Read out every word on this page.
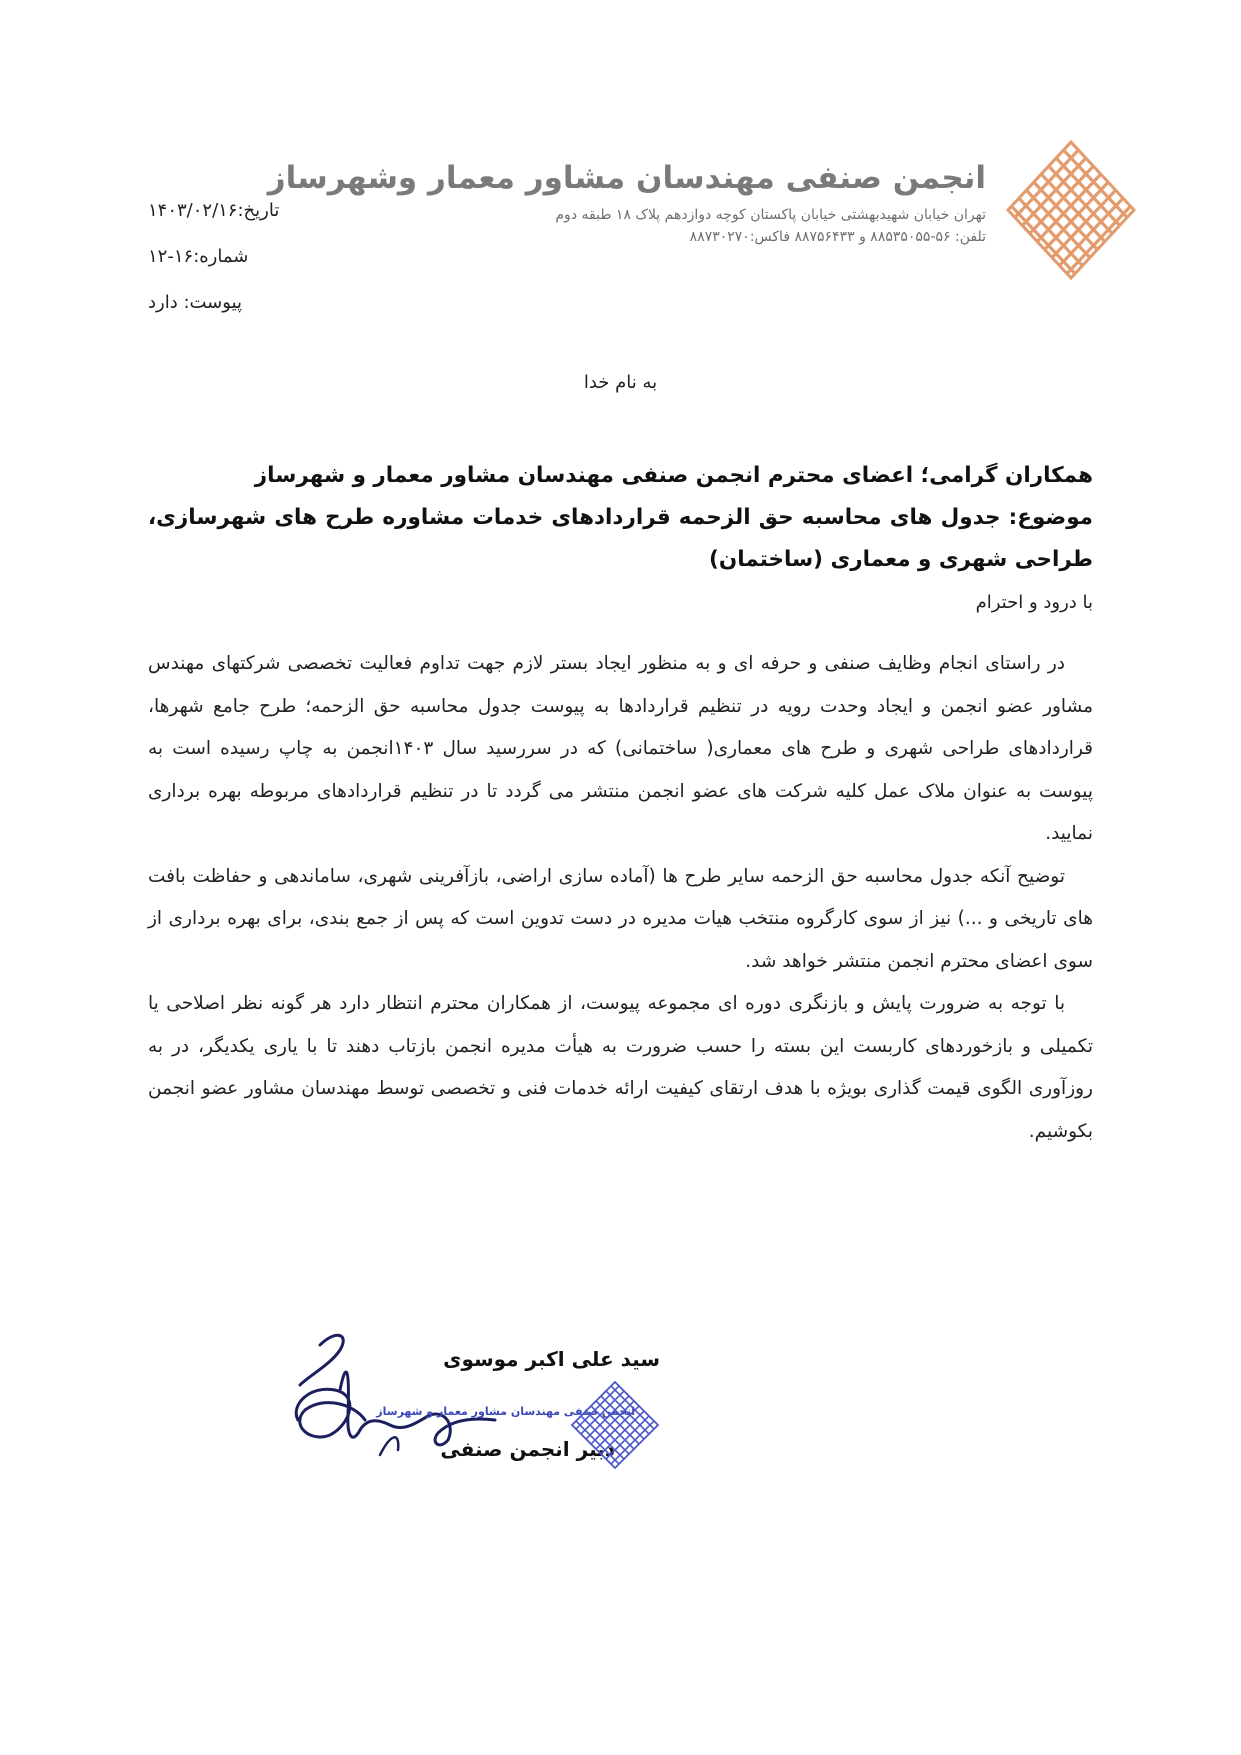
انجمن صنفی مهندسان مشاور معمار وشهرساز
تهران خیابان شهیدبهشتی خیابان پاکستان کوچه دوازدهم پلاک ۱۸ طبقه دوم
تلفن: ۵۶-۸۸۵۳۵۰۵۵ و ۸۸۷۵۶۴۳۳ فاکس:۸۸۷۳۰۲۷۰
تاریخ:۱۴۰۳/۰۲/۱۶
شماره:۱۶-۱۲
پیوست: دارد
به نام خدا
همکاران گرامی؛ اعضای محترم انجمن صنفی مهندسان مشاور معمار و شهرساز
موضوع: جدول های محاسبه حق الزحمه قراردادهای خدمات مشاوره طرح های شهرسازی، طراحی شهری و معماری (ساختمان)
با درود و احترام
در راستای انجام وظایف صنفی و حرفه ای و به منظور ایجاد بستر لازم جهت تداوم فعالیت تخصصی شرکتهای مهندس مشاور عضو انجمن و ایجاد وحدت رویه در تنظیم قراردادها به پیوست جدول محاسبه حق الزحمه؛ طرح جامع شهرها، قراردادهای طراحی شهری و طرح های معماری( ساختمانی) که در سررسید سال ۱۴۰۳انجمن به چاپ رسیده است به پیوست به عنوان ملاک عمل کلیه شرکت های عضو انجمن منتشر می گردد تا در تنظیم قراردادهای مربوطه بهره برداری نمایید.
توضیح آنکه جدول محاسبه حق الزحمه سایر طرح ها (آماده سازی اراضی، بازآفرینی شهری، ساماندهی و حفاظت بافت های تاریخی و ...) نیز از سوی کارگروه منتخب هیات مدیره در دست تدوین است که پس از جمع بندی، برای بهره برداری از سوی اعضای محترم انجمن منتشر خواهد شد.
با توجه به ضرورت پایش و بازنگری دوره ای مجموعه پیوست، از همکاران محترم انتظار دارد هر گونه نظر اصلاحی یا تکمیلی و بازخوردهای کاربست این بسته را حسب ضرورت به هیأت مدیره انجمن بازتاب دهند تا با یاری یکدیگر، در به روزآوری الگوی قیمت گذاری بویژه با هدف ارتقای کیفیت ارائه خدمات فنی و تخصصی توسط مهندسان مشاور عضو انجمن بکوشیم.
سید علی اکبر موسوی
انجمن صنفی مهندسان مشاور معمار و شهرساز
دبیر انجمن صنفی
